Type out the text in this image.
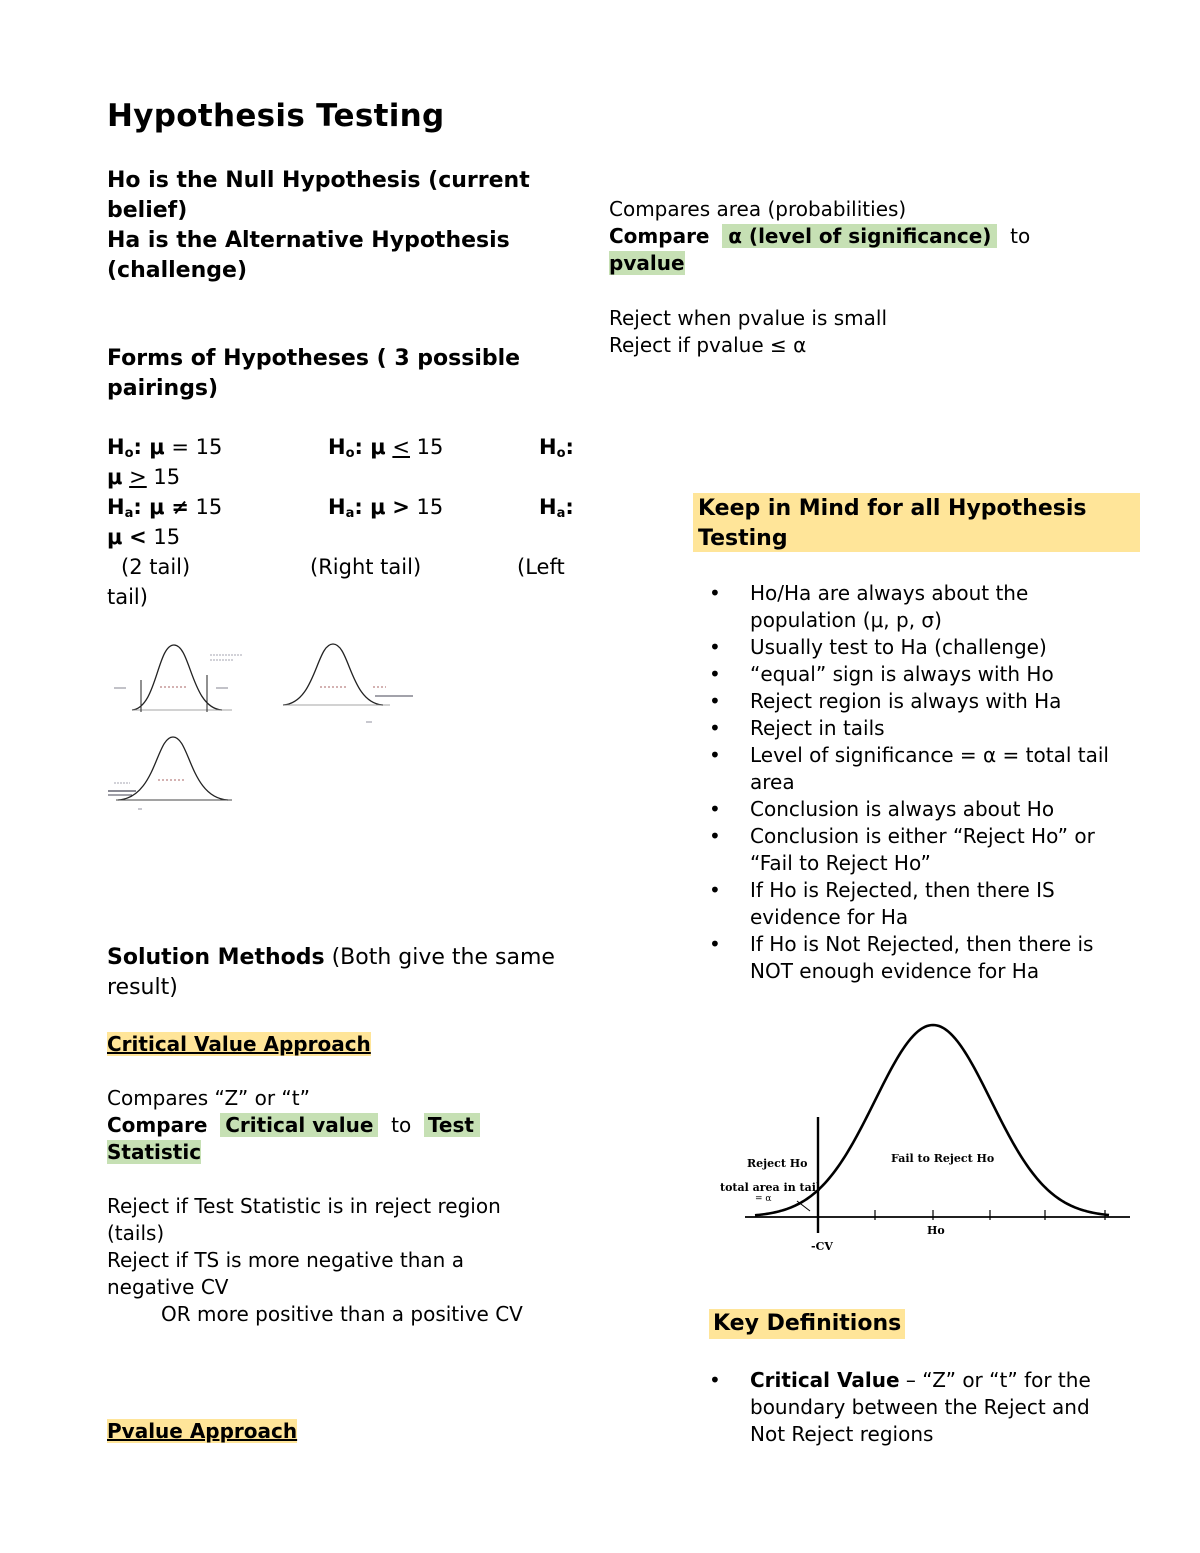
Hypothesis Testing
Ho is the Null Hypothesis (current
belief)
Ha is the Alternative Hypothesis
(challenge)
Forms of Hypotheses ( 3 possible
pairings)
$H_o$: μ = 15	$H_o$: μ < 15	$H_o$:
μ > 15
$H_a$: μ ≠ 15	$H_a$: μ > 15	$H_a$:
μ < 15
(2 tail)	(Right tail)	(Left
tail)
Solution Methods (Both give the same
result)
Critical Value Approach
Compares “Z” or “t”
Compare Critical value to Test
Statistic
Reject if Test Statistic is in reject region
(tails)
Reject if TS is more negative than a
negative CV
OR more positive than a positive CV
Pvalue Approach
Compares area (probabilities)
Compare α (level of significance) to
pvalue
Reject when pvalue is small
Reject if pvalue ≤ α
Keep in Mind for all Hypothesis
Testing
• Ho/Ha are always about the
population (μ, p, σ)
• Usually test to Ha (challenge)
• “equal” sign is always with Ho
• Reject region is always with Ha
• Reject in tails
• Level of significance = α = total tail
area
• Conclusion is always about Ho
• Conclusion is either “Reject Ho” or
“Fail to Reject Ho”
• If Ho is Rejected, then there IS
evidence for Ha
• If Ho is Not Rejected, then there is
NOT enough evidence for Ha
Reject Ho	Fail to Reject Ho
total area in tail
= α
Ho
-CV
Key Definitions
• Critical Value – “Z” or “t” for the
boundary between the Reject and
Not Reject regions
